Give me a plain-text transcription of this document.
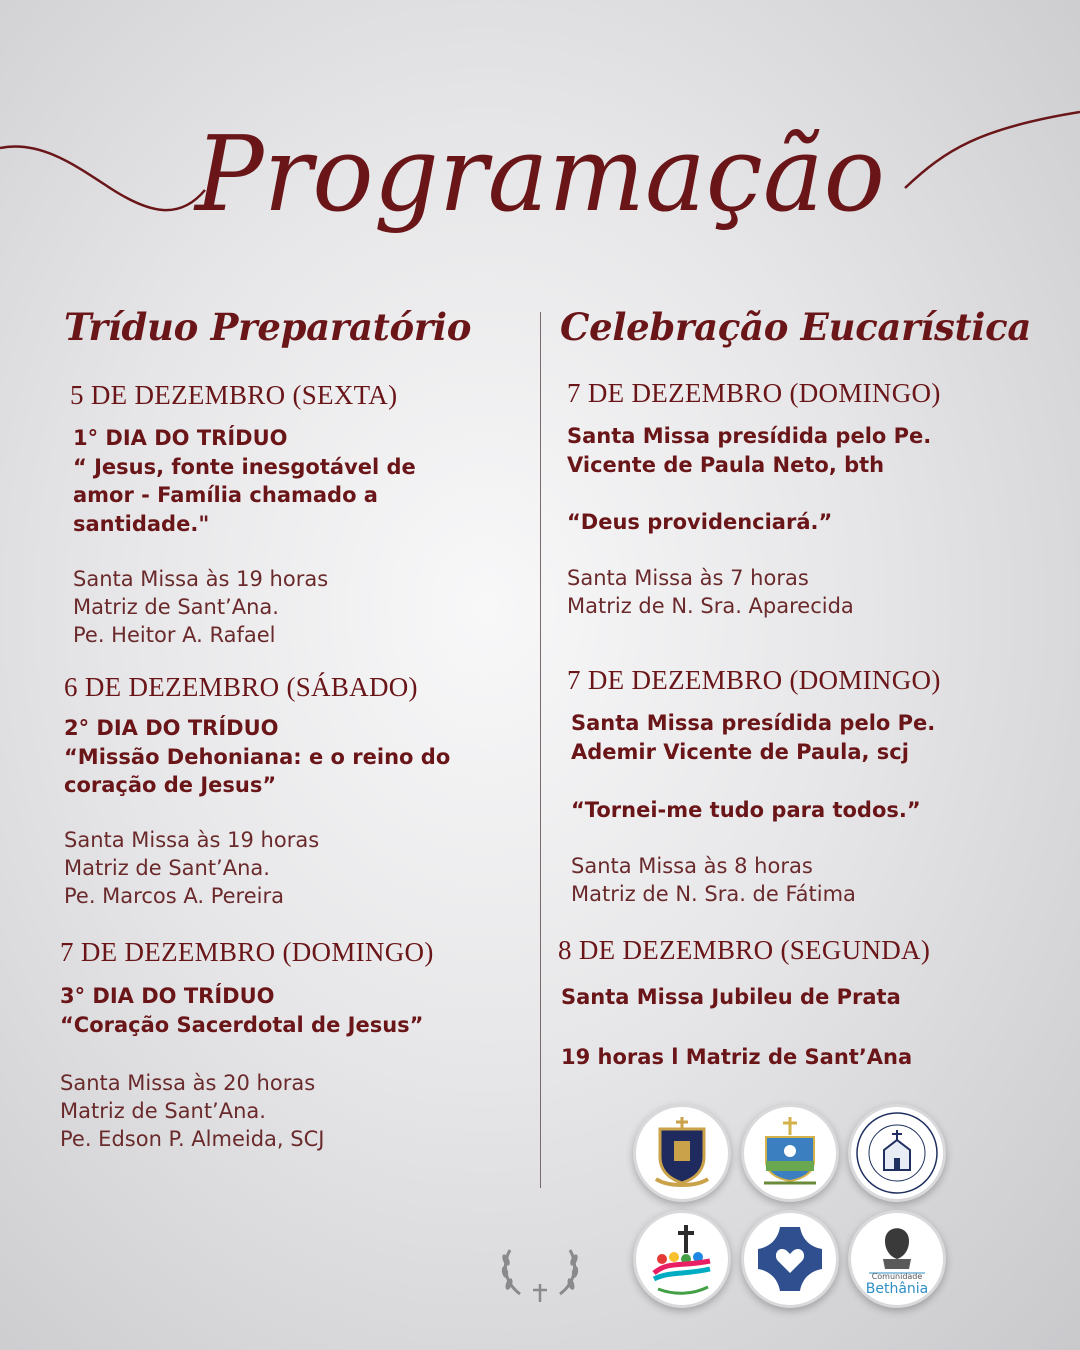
Programação
Tríduo Preparatório
5 DE DEZEMBRO (SEXTA)
1° DIA DO TRÍDUO
“ Jesus, fonte inesgotável de
amor - Família chamado a
santidade."
Santa Missa às 19 horas
Matriz de Sant’Ana.
Pe. Heitor A. Rafael
6 DE DEZEMBRO (SÁBADO)
2° DIA DO TRÍDUO
“Missão Dehoniana: e o reino do
coração de Jesus”
Santa Missa às 19 horas
Matriz de Sant’Ana.
Pe. Marcos A. Pereira
7 DE DEZEMBRO (DOMINGO)
3° DIA DO TRÍDUO
“Coração Sacerdotal de Jesus”
Santa Missa às 20 horas
Matriz de Sant’Ana.
Pe. Edson P. Almeida, SCJ
Celebração Eucarística
7 DE DEZEMBRO (DOMINGO)
Santa Missa presídida pelo Pe.
Vicente de Paula Neto, bth
“Deus providenciará.”
Santa Missa às 7 horas
Matriz de N. Sra. Aparecida
7 DE DEZEMBRO (DOMINGO)
Santa Missa presídida pelo Pe.
Ademir Vicente de Paula, scj
“Tornei-me tudo para todos.”
Santa Missa às 8 horas
Matriz de N. Sra. de Fátima
8 DE DEZEMBRO (SEGUNDA)
Santa Missa Jubileu de Prata
19 horas l Matriz de Sant’Ana
Comunidade
Bethânia
